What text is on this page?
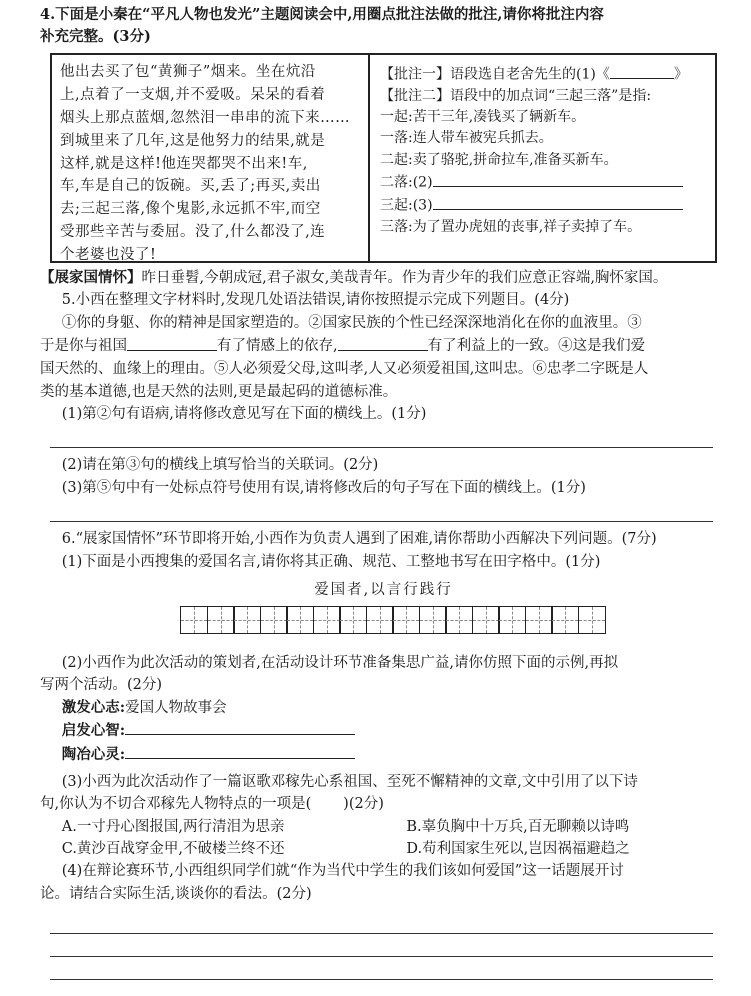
4.下面是小秦在“平凡人物也发光”主题阅读会中,用圈点批注法做的批注,请你将批注内容
补充完整。(3分)

他出去买了包“黄狮子”烟来。坐在炕沿
上,点着了一支烟,并不爱吸。呆呆的看着
烟头上那点蓝烟,忽然泪一串串的流下来……
到城里来了几年,这是他努力的结果,就是
这样,就是这样!他连哭都哭不出来!车,
车,车是自己的饭碗。买,丢了;再买,卖出
去;三起三落,像个鬼影,永远抓不牢,而空
受那些辛苦与委屈。没了,什么都没了,连
个老婆也没了!

【批注一】语段选自老舍先生的(1)《	》

【批注二】语段中的加点词“三起三落”是指:

一起:苦干三年,凑钱买了辆新车。

一落:连人带车被宪兵抓去。

二起:卖了骆驼,拼命拉车,准备买新车。

二落:(2)

三起:(3)

三落:为了置办虎妞的丧事,祥子卖掉了车。

【展家国情怀】昨日垂髫,今朝成冠,君子淑女,美哉青年。作为青少年的我们应意正容端,胸怀家国。

5.小西在整理文字材料时,发现几处语法错误,请你按照提示完成下列题目。(4分)

①你的身躯、你的精神是国家塑造的。②国家民族的个性已经深深地消化在你的血液里。③

于是你与祖国	有了情感上的依存,	有了利益上的一致。④这是我们爱

国天然的、血缘上的理由。⑤人必须爱父母,这叫孝,人又必须爱祖国,这叫忠。⑥忠孝二字既是人

类的基本道德,也是天然的法则,更是最起码的道德标准。

(1)第②句有语病,请将修改意见写在下面的横线上。(1分)

(2)请在第③句的横线上填写恰当的关联词。(2分)

(3)第⑤句中有一处标点符号使用有误,请将修改后的句子写在下面的横线上。(1分)

6.“展家国情怀”环节即将开始,小西作为负责人遇到了困难,请你帮助小西解决下列问题。(7分)

(1)下面是小西搜集的爱国名言,请你将其正确、规范、工整地书写在田字格中。(1分)

爱国者,以言行践行

(2)小西作为此次活动的策划者,在活动设计环节准备集思广益,请你仿照下面的示例,再拟

写两个活动。(2分)

激发心志:爱国人物故事会

启发心智:

陶冶心灵:

(3)小西为此次活动作了一篇讴歌邓稼先心系祖国、至死不懈精神的文章,文中引用了以下诗

句,你认为不切合邓稼先人物特点的一项是( )(2分)

A.一寸丹心图报国,两行清泪为思亲	B.辜负胸中十万兵,百无聊赖以诗鸣

C.黄沙百战穿金甲,不破楼兰终不还	D.苟利国家生死以,岂因祸福避趋之

(4)在辩论赛环节,小西组织同学们就“作为当代中学生的我们该如何爱国”这一话题展开讨

论。请结合实际生活,谈谈你的看法。(2分)
